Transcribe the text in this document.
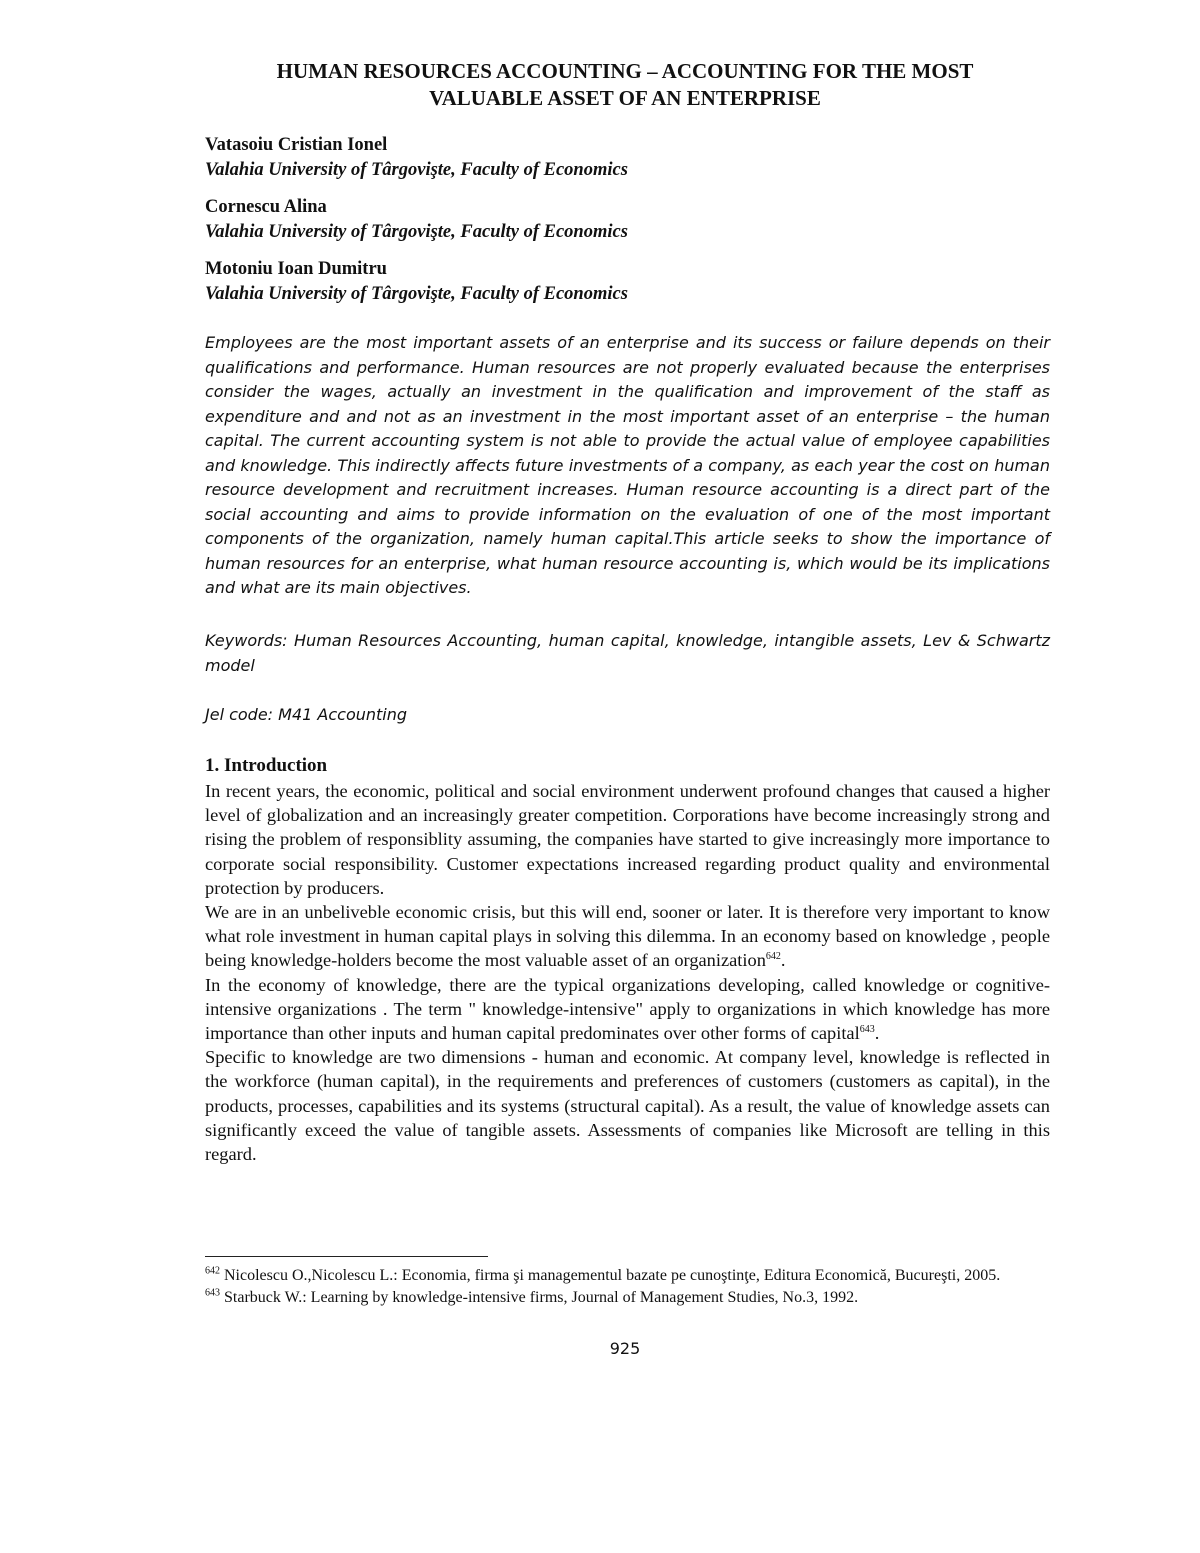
HUMAN RESOURCES ACCOUNTING – ACCOUNTING FOR THE MOST
VALUABLE ASSET OF AN ENTERPRISE
Vatasoiu Cristian Ionel
Valahia University of Târgovişte, Faculty of Economics
Cornescu Alina
Valahia University of Târgovişte, Faculty of Economics
Motoniu Ioan Dumitru
Valahia University of Târgovişte, Faculty of Economics
Employees are the most important assets of an enterprise and its success or failure depends on their qualifications and performance. Human resources are not properly evaluated because the enterprises consider the wages, actually an investment in the qualification and improvement of the staff as expenditure and and not as an investment in the most important asset of an enterprise – the human capital. The current accounting system is not able to provide the actual value of employee capabilities and knowledge. This indirectly affects future investments of a company, as each year the cost on human resource development and recruitment increases. Human resource accounting is a direct part of the social accounting and aims to provide information on the evaluation of one of the most important components of the organization, namely human capital.This article seeks to show the importance of human resources for an enterprise, what human resource accounting is, which would be its implications and what are its main objectives.
Keywords: Human Resources Accounting, human capital, knowledge, intangible assets, Lev & Schwartz model
Jel code: M41 Accounting
1. Introduction

In recent years, the economic, political and social environment underwent profound changes that caused a higher level of globalization and an increasingly greater competition. Corporations have become increasingly strong and rising the problem of responsiblity assuming, the companies have started to give increasingly more importance to corporate social responsibility. Customer expectations increased regarding product quality and environmental protection by producers.

We are in an unbeliveble economic crisis, but this will end, sooner or later. It is therefore very important to know what role investment in human capital plays in solving this dilemma. In an economy based on knowledge , people being knowledge-holders become the most valuable asset of an organization$^{642}$.

In the economy of knowledge, there are the typical organizations developing, called knowledge or cognitive-intensive organizations . The term " knowledge-intensive" apply to organizations in which knowledge has more importance than other inputs and human capital predominates over other forms of capital$^{643}$.

Specific to knowledge are two dimensions - human and economic. At company level, knowledge is reflected in the workforce (human capital), in the requirements and preferences of customers (customers as capital), in the products, processes, capabilities and its systems (structural capital). As a result, the value of knowledge assets can significantly exceed the value of tangible assets. Assessments of companies like Microsoft are telling in this regard.

$^{642}$ Nicolescu O.,Nicolescu L.: Economia, firma şi managementul bazate pe cunoştinţe, Editura Economică, Bucureşti, 2005.

$^{643}$ Starbuck W.: Learning by knowledge-intensive firms, Journal of Management Studies, No.3, 1992.

925
